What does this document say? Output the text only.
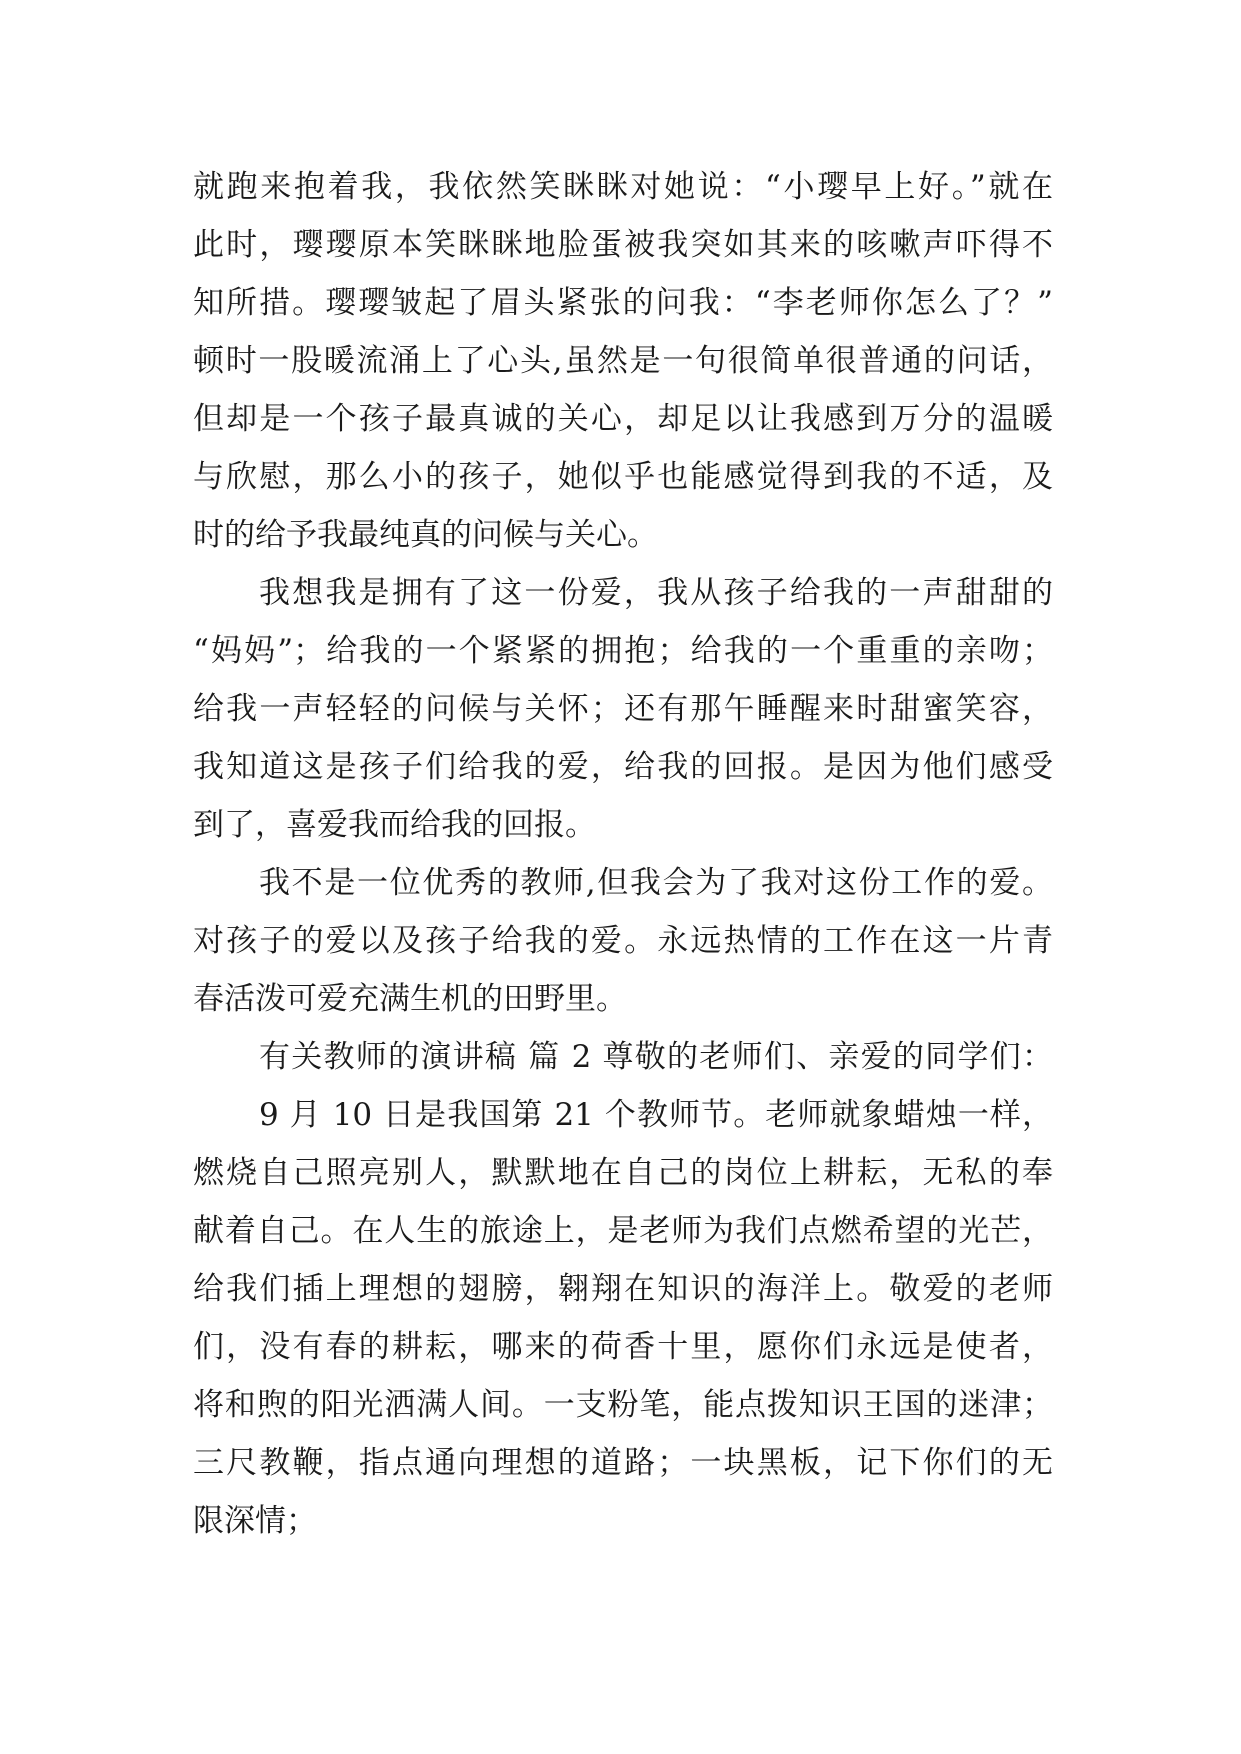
就跑来抱着我，我依然笑眯眯对她说：“小璎早上好。”就在
此时，璎璎原本笑眯眯地脸蛋被我突如其来的咳嗽声吓得不
知所措。璎璎皱起了眉头紧张的问我：“李老师你怎么了？”
顿时一股暖流涌上了心头,虽然是一句很简单很普通的问话，
但却是一个孩子最真诚的关心，却足以让我感到万分的温暖
与欣慰，那么小的孩子，她似乎也能感觉得到我的不适，及
时的给予我最纯真的问候与关心。
我想我是拥有了这一份爱，我从孩子给我的一声甜甜的
“妈妈”；给我的一个紧紧的拥抱；给我的一个重重的亲吻；
给我一声轻轻的问候与关怀；还有那午睡醒来时甜蜜笑容，
我知道这是孩子们给我的爱，给我的回报。是因为他们感受
到了，喜爱我而给我的回报。
我不是一位优秀的教师,但我会为了我对这份工作的爱。
对孩子的爱以及孩子给我的爱。永远热情的工作在这一片青
春活泼可爱充满生机的田野里。
有关教师的演讲稿 篇 2 尊敬的老师们、亲爱的同学们：
9 月 10 日是我国第 21 个教师节。老师就象蜡烛一样，
燃烧自己照亮别人，默默地在自己的岗位上耕耘，无私的奉
献着自己。在人生的旅途上，是老师为我们点燃希望的光芒，
给我们插上理想的翅膀，翱翔在知识的海洋上。敬爱的老师
们，没有春的耕耘，哪来的荷香十里，愿你们永远是使者，
将和煦的阳光洒满人间。一支粉笔，能点拨知识王国的迷津；
三尺教鞭，指点通向理想的道路；一块黑板，记下你们的无
限深情；
